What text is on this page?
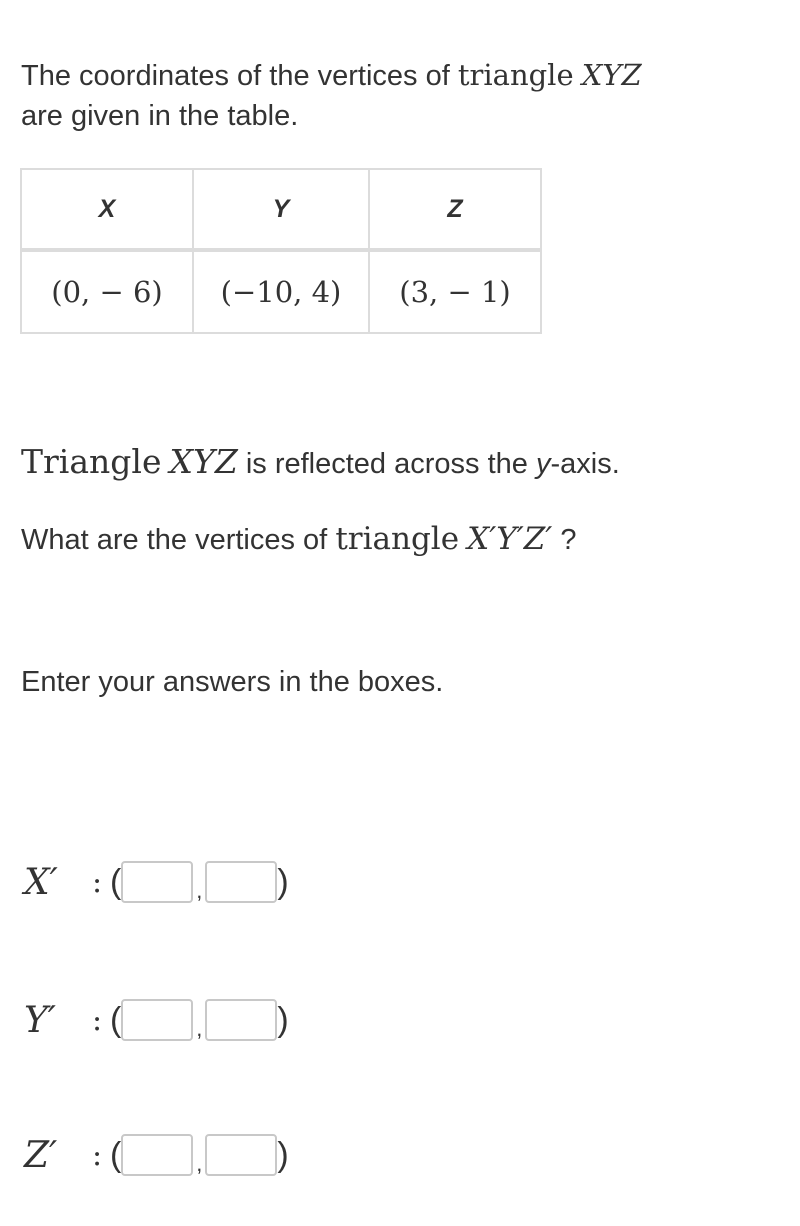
The coordinates of the vertices of triangle XYZ
are given in the table.
X	Y	Z
(0, − 6)	(−10, 4)	(3, − 1)
Triangle XYZ is reflected across the y-axis.
What are the vertices of triangle X′Y′Z′ ?
Enter your answers in the boxes.
X′	: (	, )
Y′	: (	, )
Z′	: (	, )
